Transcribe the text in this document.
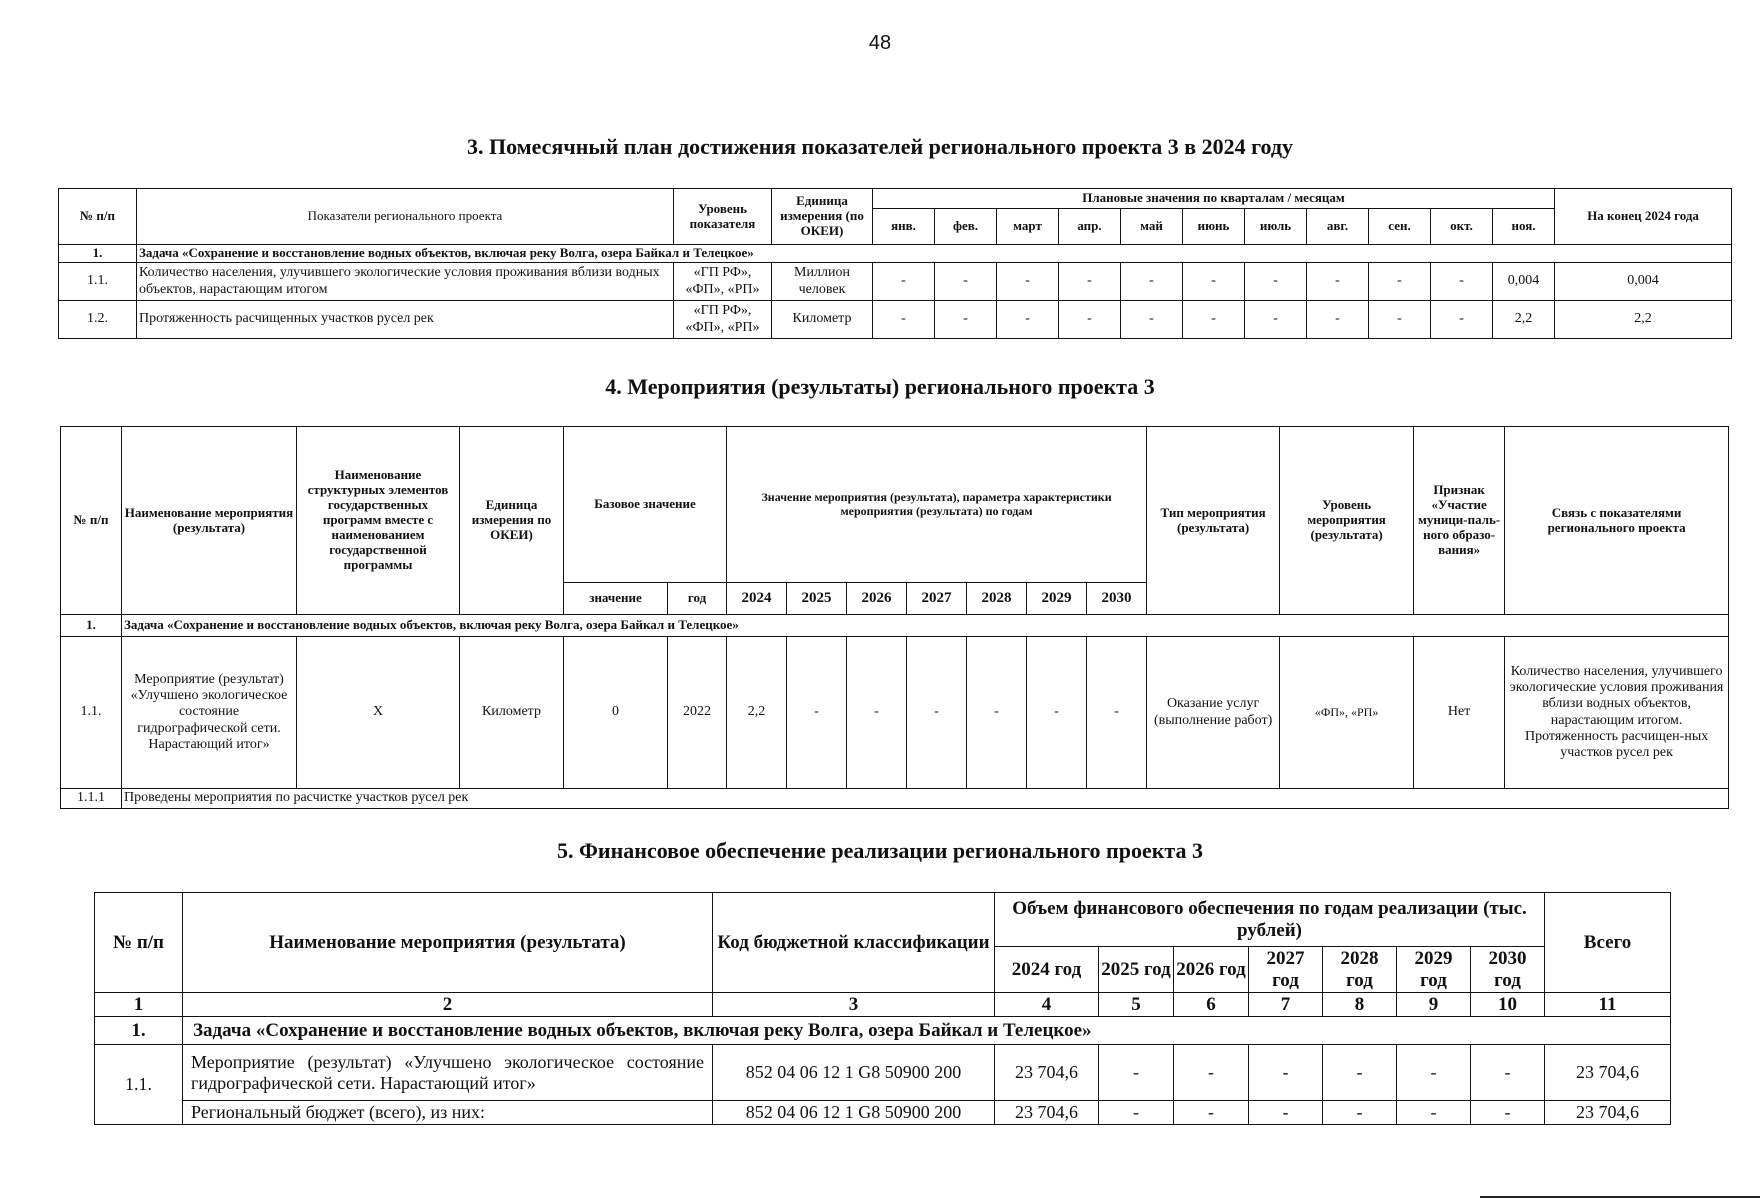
48
3. Помесячный план достижения показателей регионального проекта 3 в 2024 году
№ п/п	Показатели регионального проекта	Уровень показателя	Единица измерения (по ОКЕИ)	Плановые значения по кварталам / месяцам											На конец 2024 года
				янв.	фев.	март	апр.	май	июнь	июль	авг.	сен.	окт.	ноя.	
1.	Задача «Сохранение и восстановление водных объектов, включая реку Волга, озера Байкал и Телецкое»														
1.1.	Количество населения, улучившего экологические условия проживания вблизи водных объектов, нарастающим итогом	«ГП РФ», «ФП», «РП»	Миллион человек	-	-	-	-	-	-	-	-	-	-	0,004	0,004
1.2.	Протяженность расчищенных участков русел рек	«ГП РФ», «ФП», «РП»	Километр	-	-	-	-	-	-	-	-	-	-	2,2	2,2
4. Мероприятия (результаты) регионального проекта 3
№ п/п	Наименование мероприятия (результата)	Наименование структурных элементов государственных программ вместе с наименованием государственной программы	Единица измерения по ОКЕИ)	Базовое значение		Значение мероприятия (результата), параметра характеристики мероприятия (результата) по годам							Тип мероприятия (результата)	Уровень мероприятия (результата)	Признак «Участие муници-паль-ного образо-вания»	Связь с показателями регионального проекта
				значение	год	2024	2025	2026	2027	2028	2029	2030				
1.	Задача «Сохранение и восстановление водных объектов, включая реку Волга, озера Байкал и Телецкое»															
1.1.	Мероприятие (результат) «Улучшено экологическое состояние гидрографической сети. Нарастающий итог»	X	Километр	0	2022	2,2	-	-	-	-	-	-	Оказание услуг (выполнение работ)	«ФП», «РП»	Нет	Количество населения, улучившего экологические условия проживания вблизи водных объектов, нарастающим итогом. Протяженность расчищен-ных участков русел рек
1.1.1	Проведены мероприятия по расчистке участков русел рек															
5. Финансовое обеспечение реализации регионального проекта 3
№ п/п	Наименование мероприятия (результата)	Код бюджетной классификации	Объем финансового обеспечения по годам реализации (тыс. рублей)							Всего
			2024 год	2025 год	2026 год	2027 год	2028 год	2029 год	2030 год	
1	2	3	4	5	6	7	8	9	10	11
1.	Задача «Сохранение и восстановление водных объектов, включая реку Волга, озера Байкал и Телецкое»									
1.1.	Мероприятие (результат) «Улучшено экологическое состояние гидрографической сети. Нарастающий итог»	852 04 06 12 1 G8 50900 200	23 704,6	-	-	-	-	-	-	23 704,6
	Региональный бюджет (всего), из них:	852 04 06 12 1 G8 50900 200	23 704,6	-	-	-	-	-	-	23 704,6
